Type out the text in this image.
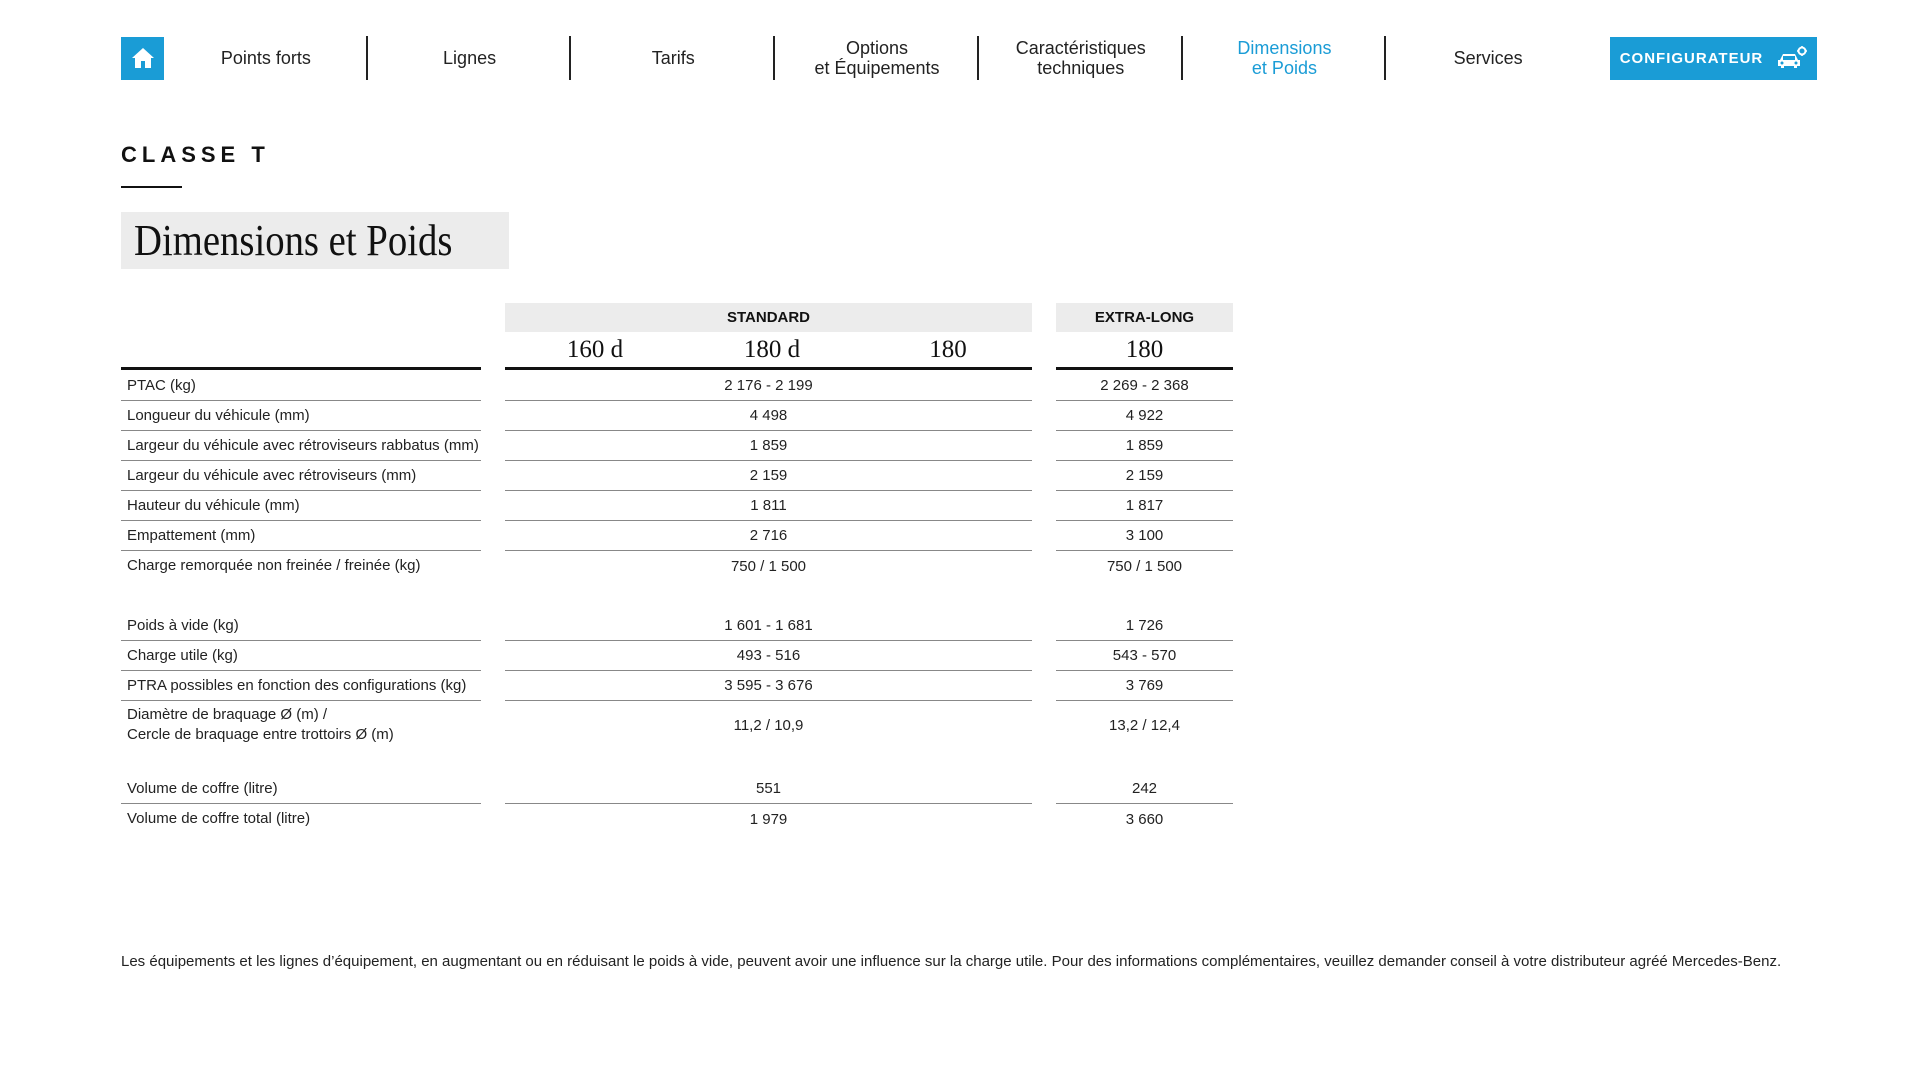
Points forts	Lignes	Tarifs	Options
et Équipements
Caractéristiques
techniques
Dimensions
et Poids	Services	CONFIGURATEUR
CLASSE T
Dimensions et Poids
STANDARD	EXTRA-LONG
160 d	180 d	180	180
PTAC (kg)	2 176 - 2 199	2 269 - 2 368
Longueur du véhicule (mm)	4 498	4 922
Largeur du véhicule avec rétroviseurs rabbatus (mm)	1 859	1 859
Largeur du véhicule avec rétroviseurs (mm)	2 159	2 159
Hauteur du véhicule (mm)	1 811	1 817
Empattement (mm)	2 716	3 100
Charge remorquée non freinée / freinée (kg)	750 / 1 500	750 / 1 500
Poids à vide (kg)	1 601 - 1 681	1 726
Charge utile (kg)	493 - 516	543 - 570
PTRA possibles en fonction des configurations (kg)	3 595 - 3 676	3 769
Diamètre de braquage Ø (m) /
Cercle de braquage entre trottoirs Ø (m)
11,2 / 10,9	13,2 / 12,4
Volume de coffre (litre)	551	242
Volume de coffre total (litre)	1 979	3 660
Les équipements et les lignes d’équipement, en augmentant ou en réduisant le poids à vide, peuvent avoir une influence sur la charge utile. Pour des informations complémentaires, veuillez demander conseil à votre distributeur agréé Mercedes-Benz.
